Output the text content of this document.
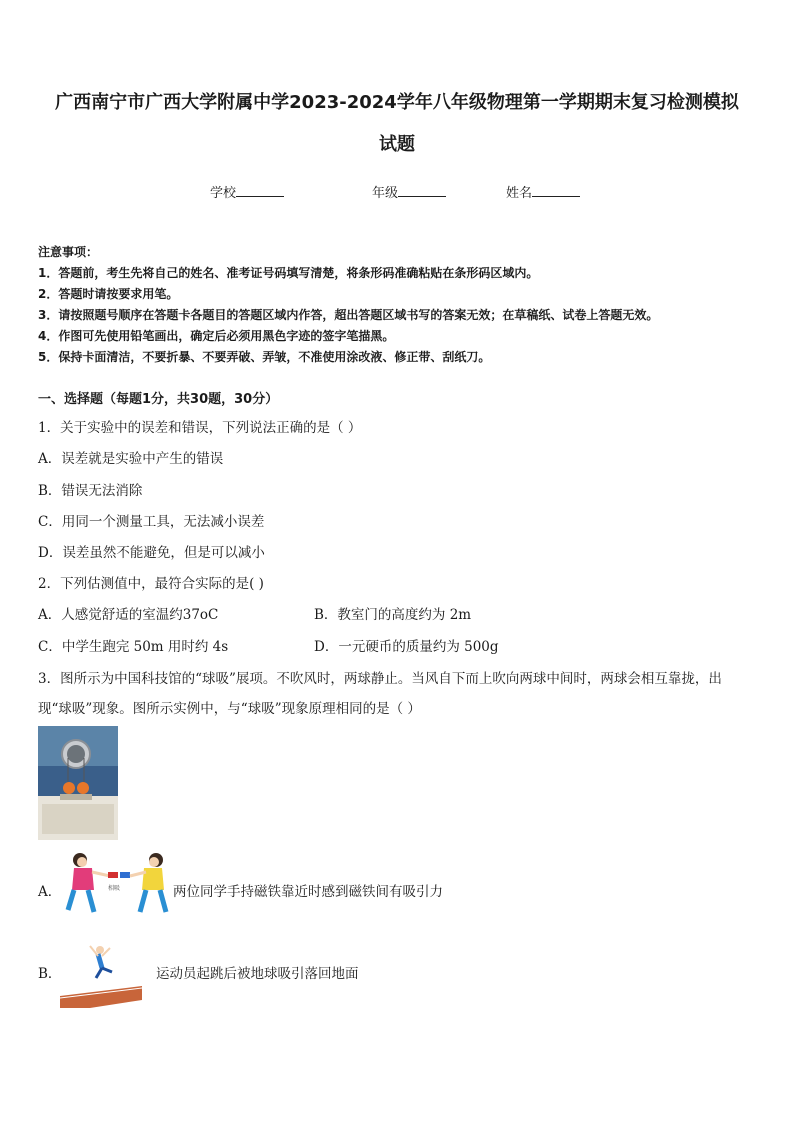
广西南宁市广西大学附属中学2023-2024学年八年级物理第一学期期末复习检测模拟
试题
学校	年级	姓名
注意事项：
1．答题前，考生先将自己的姓名、准考证号码填写清楚，将条形码准确粘贴在条形码区域内。
2．答题时请按要求用笔。
3．请按照题号顺序在答题卡各题目的答题区域内作答，超出答题区域书写的答案无效；在草稿纸、试卷上答题无效。
4．作图可先使用铅笔画出，确定后必须用黑色字迹的签字笔描黑。
5．保持卡面清洁，不要折暴、不要弄破、弄皱，不准使用涂改液、修正带、刮纸刀。
一、选择题（每题1分，共30题，30分）
1．关于实验中的误差和错误，下列说法正确的是（ ）
A．误差就是实验中产生的错误
B．错误无法消除
C．用同一个测量工具，无法减小误差
D．误差虽然不能避免，但是可以减小
2．下列估测值中，最符合实际的是( )
A．人感觉舒适的室温约37oC	B．教室门的高度约为 2m
C．中学生跑完 50m 用时约 4s	D．一元硬币的质量约为 500g
3．图所示为中国科技馆的“球吸”展项。不吹风时，两球静止。当风自下而上吹向两球中间时，两球会相互靠拢，出
现“球吸”现象。图所示实例中，与“球吸”现象原理相同的是（ ）
相吸
A．	两位同学手持磁铁靠近时感到磁铁间有吸引力
B．	运动员起跳后被地球吸引落回地面
